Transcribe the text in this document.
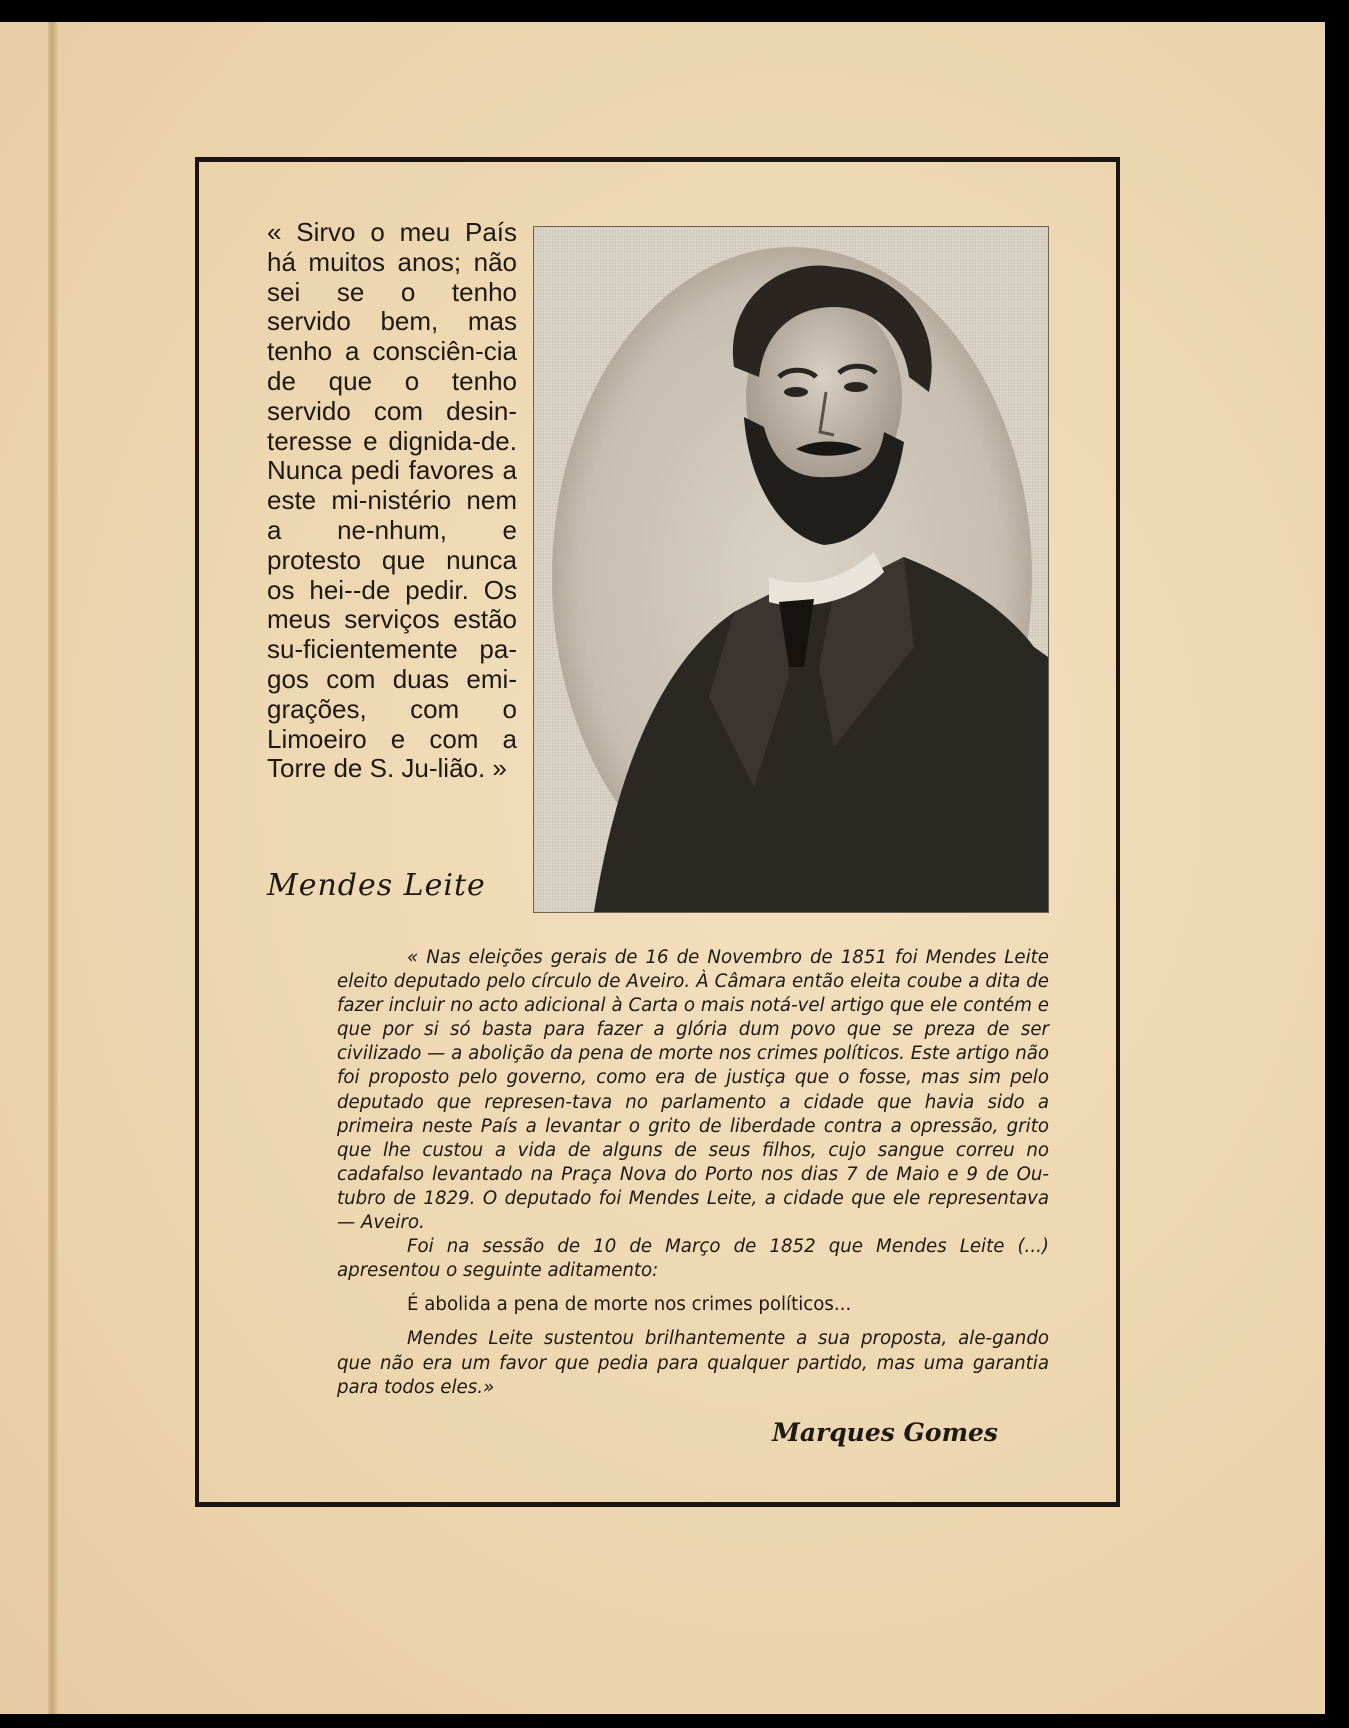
« Sirvo o meu País há muitos anos; não sei se o tenho servido bem, mas tenho a consciên-cia de que o tenho servido com desin-teresse e dignida-de. Nunca pedi favores a este mi-nistério nem a ne-nhum, e protesto que nunca os hei--de pedir. Os meus serviços estão su-ficientemente pa-gos com duas emi-grações, com o Limoeiro e com a Torre de S. Ju-lião. »
Mendes Leite

« Nas eleições gerais de 16 de Novembro de 1851 foi Mendes Leite eleito deputado pelo círculo de Aveiro. À Câmara então eleita coube a dita de fazer incluir no acto adicional à Carta o mais notá-vel artigo que ele contém e que por si só basta para fazer a glória dum povo que se preza de ser civilizado — a abolição da pena de morte nos crimes políticos. Este artigo não foi proposto pelo governo, como era de justiça que o fosse, mas sim pelo deputado que represen-tava no parlamento a cidade que havia sido a primeira neste País a levantar o grito de liberdade contra a opressão, grito que lhe custou a vida de alguns de seus filhos, cujo sangue correu no cadafalso levantado na Praça Nova do Porto nos dias 7 de Maio e 9 de Ou-tubro de 1829. O deputado foi Mendes Leite, a cidade que ele representava — Aveiro.

Foi na sessão de 10 de Março de 1852 que Mendes Leite (...) apresentou o seguinte aditamento:

É abolida a pena de morte nos crimes políticos...

Mendes Leite sustentou brilhantemente a sua proposta, ale-gando que não era um favor que pedia para qualquer partido, mas uma garantia para todos eles.»

Marques Gomes
